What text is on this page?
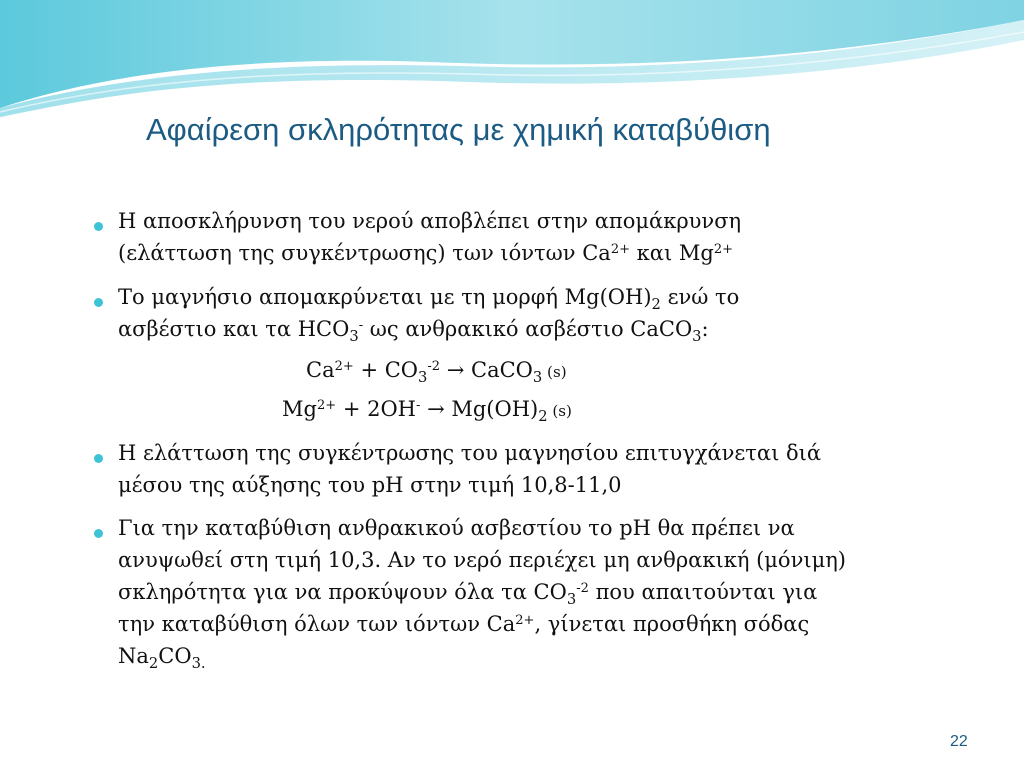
Αφαίρεση σκληρότητας με χημική καταβύθιση
Η αποσκλήρυνση του νερού αποβλέπει στην απομάκρυνση
(ελάττωση της συγκέντρωσης) των ιόντων $Ca^{2+}$ και $Mg^{2+}$
Το μαγνήσιο απομακρύνεται με τη μορφή $Mg(OH)_2$ ενώ το
ασβέστιο και τα $HCO_3^-$ ως ανθρακικό ασβέστιο CaCO$_3$:
$Ca^{2+} + CO_3^{-2}$ → CaCO$_3$ (s)
$Mg^{2+} + 2OH^- \to Mg(OH)_2$ (s)
Η ελάττωση της συγκέντρωσης του μαγνησίου επιτυγχάνεται διά
μέσου της αύξησης του pH στην τιμή 10,8-11,0
Για την καταβύθιση ανθρακικού ασβεστίου το pH θα πρέπει να
ανυψωθεί στη τιμή 10,3. Αν το νερό περιέχει μη ανθρακική (μόνιμη)
σκληρότητα για να προκύψουν όλα τα $CO_3^{-2}$ που απαιτούνται για
την καταβύθιση όλων των ιόντων $Ca^{2+}$, γίνεται προσθήκη σόδας
$Na_2CO_{3.}$
22
